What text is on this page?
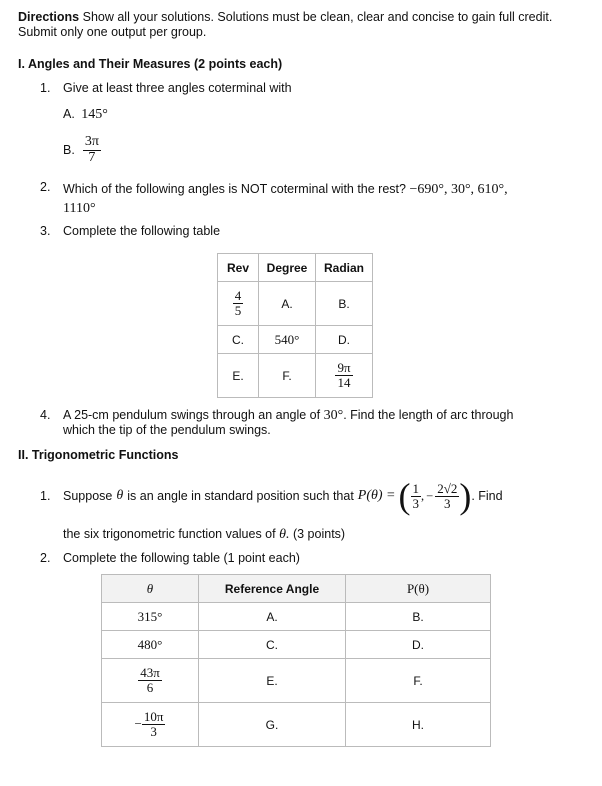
Directions Show all your solutions. Solutions must be clean, clear and concise to gain full credit. Submit only one output per group.
I. Angles and Their Measures (2 points each)
1. Give at least three angles coterminal with
A. 145°
B. $\frac{3\pi}{7}$
2. Which of the following angles is NOT coterminal with the rest? −690°, 30°, 610°,
1110°
3. Complete the following table
Rev	Degree	Radian

$\frac{4}{5}$	A.	B.
C.	540°	D.
E.	F.	$\frac{9\pi}{14}$
4. A 25-cm pendulum swings through an angle of 30°. Find the length of arc through
which the tip of the pendulum swings.
II. Trigonometric Functions
1. Suppose θ is an angle in standard position such that P(θ) = ( $\frac{1}{3}$ , − $\frac{2√2}{3}$ ) . Find
the six trigonometric function values of θ. (3 points)
2. Complete the following table (1 point each)
θ	Reference Angle	P(θ)
315°	A.	B.
480°	C.	D.

$\frac{43\pi}{6}$	E.	F.
− $\frac{10\pi}{3}$	G.	H.
